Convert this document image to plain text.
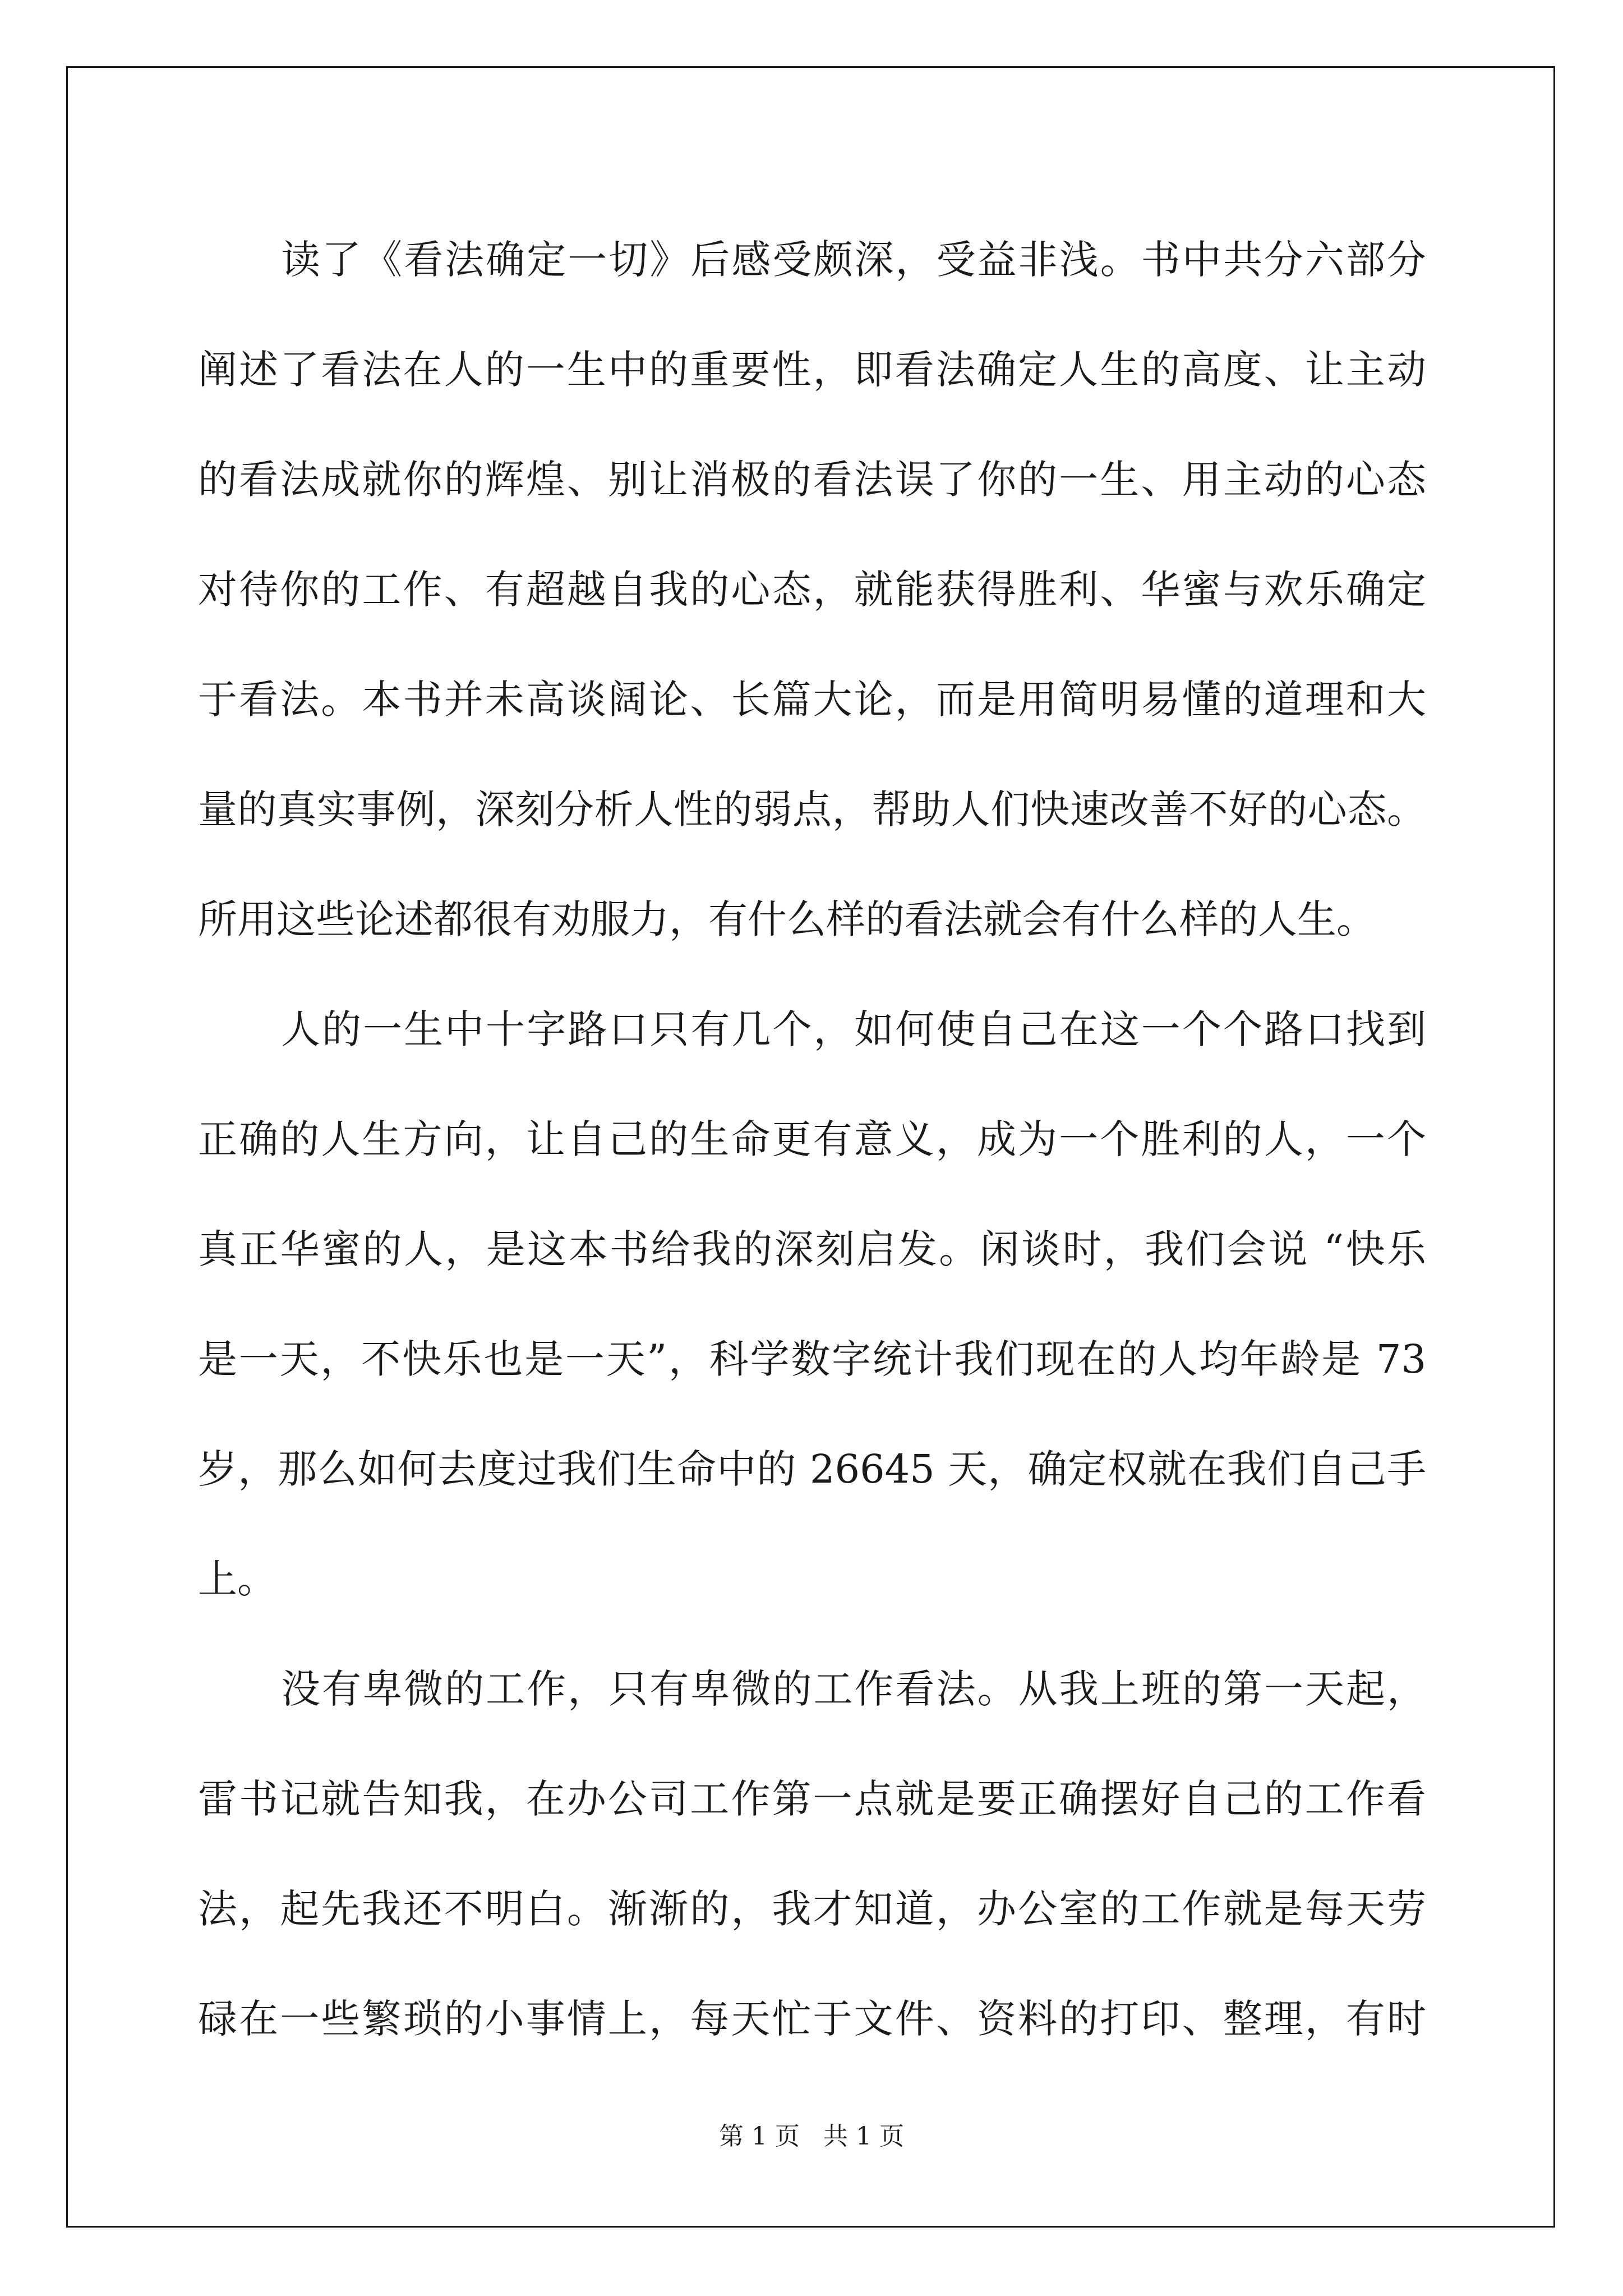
读了《看法确定一切》后感受颇深，受益非浅。书中共分六部分
阐述了看法在人的一生中的重要性，即看法确定人生的高度、让主动
的看法成就你的辉煌、别让消极的看法误了你的一生、用主动的心态
对待你的工作、有超越自我的心态，就能获得胜利、华蜜与欢乐确定
于看法。本书并未高谈阔论、长篇大论，而是用简明易懂的道理和大
量的真实事例，深刻分析人性的弱点，帮助人们快速改善不好的心态。
所用这些论述都很有劝服力，有什么样的看法就会有什么样的人生。
人的一生中十字路口只有几个，如何使自己在这一个个路口找到
正确的人生方向，让自己的生命更有意义，成为一个胜利的人，一个
真正华蜜的人，是这本书给我的深刻启发。闲谈时，我们会说 “快乐
是一天，不快乐也是一天”，科学数字统计我们现在的人均年龄是 73
岁，那么如何去度过我们生命中的 26645 天，确定权就在我们自己手
上。
没有卑微的工作，只有卑微的工作看法。从我上班的第一天起，
雷书记就告知我，在办公司工作第一点就是要正确摆好自己的工作看
法，起先我还不明白。渐渐的，我才知道，办公室的工作就是每天劳
碌在一些繁琐的小事情上，每天忙于文件、资料的打印、整理，有时
第 1 页   共 1 页
